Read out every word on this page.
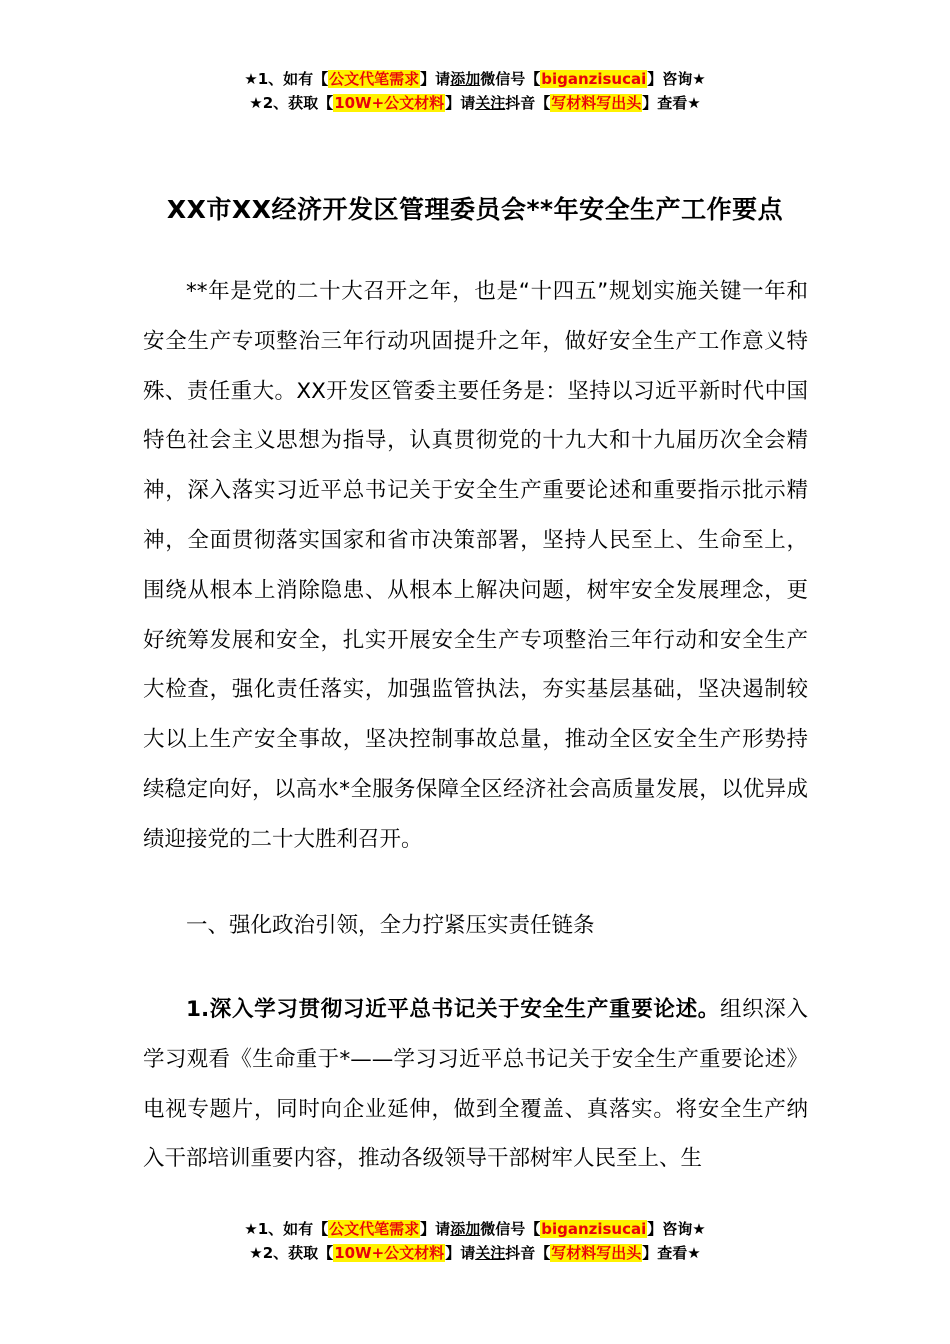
★1、如有【公文代笔需求】请添加微信号【biganzisucai】咨询★
★2、获取【10W+公文材料】请关注抖音【写材料写出头】查看★
XX市XX经济开发区管理委员会**年安全生产工作要点
**年是党的二十大召开之年，也是“十四五”规划实施关键一年和安全生产专项整治三年行动巩固提升之年，做好安全生产工作意义特殊、责任重大。XX开发区管委主要任务是：坚持以习近平新时代中国特色社会主义思想为指导，认真贯彻党的十九大和十九届历次全会精神，深入落实习近平总书记关于安全生产重要论述和重要指示批示精神，全面贯彻落实国家和省市决策部署，坚持人民至上、生命至上，围绕从根本上消除隐患、从根本上解决问题，树牢安全发展理念，更好统筹发展和安全，扎实开展安全生产专项整治三年行动和安全生产大检查，强化责任落实，加强监管执法，夯实基层基础，坚决遏制较大以上生产安全事故，坚决控制事故总量，推动全区安全生产形势持续稳定向好，以高水*全服务保障全区经济社会高质量发展，以优异成绩迎接党的二十大胜利召开。
一、强化政治引领，全力拧紧压实责任链条
1.深入学习贯彻习近平总书记关于安全生产重要论述。组织深入学习观看《生命重于*——学习习近平总书记关于安全生产重要论述》电视专题片，同时向企业延伸，做到全覆盖、真落实。将安全生产纳入干部培训重要内容，推动各级领导干部树牢人民至上、生
★1、如有【公文代笔需求】请添加微信号【biganzisucai】咨询★
★2、获取【10W+公文材料】请关注抖音【写材料写出头】查看★
